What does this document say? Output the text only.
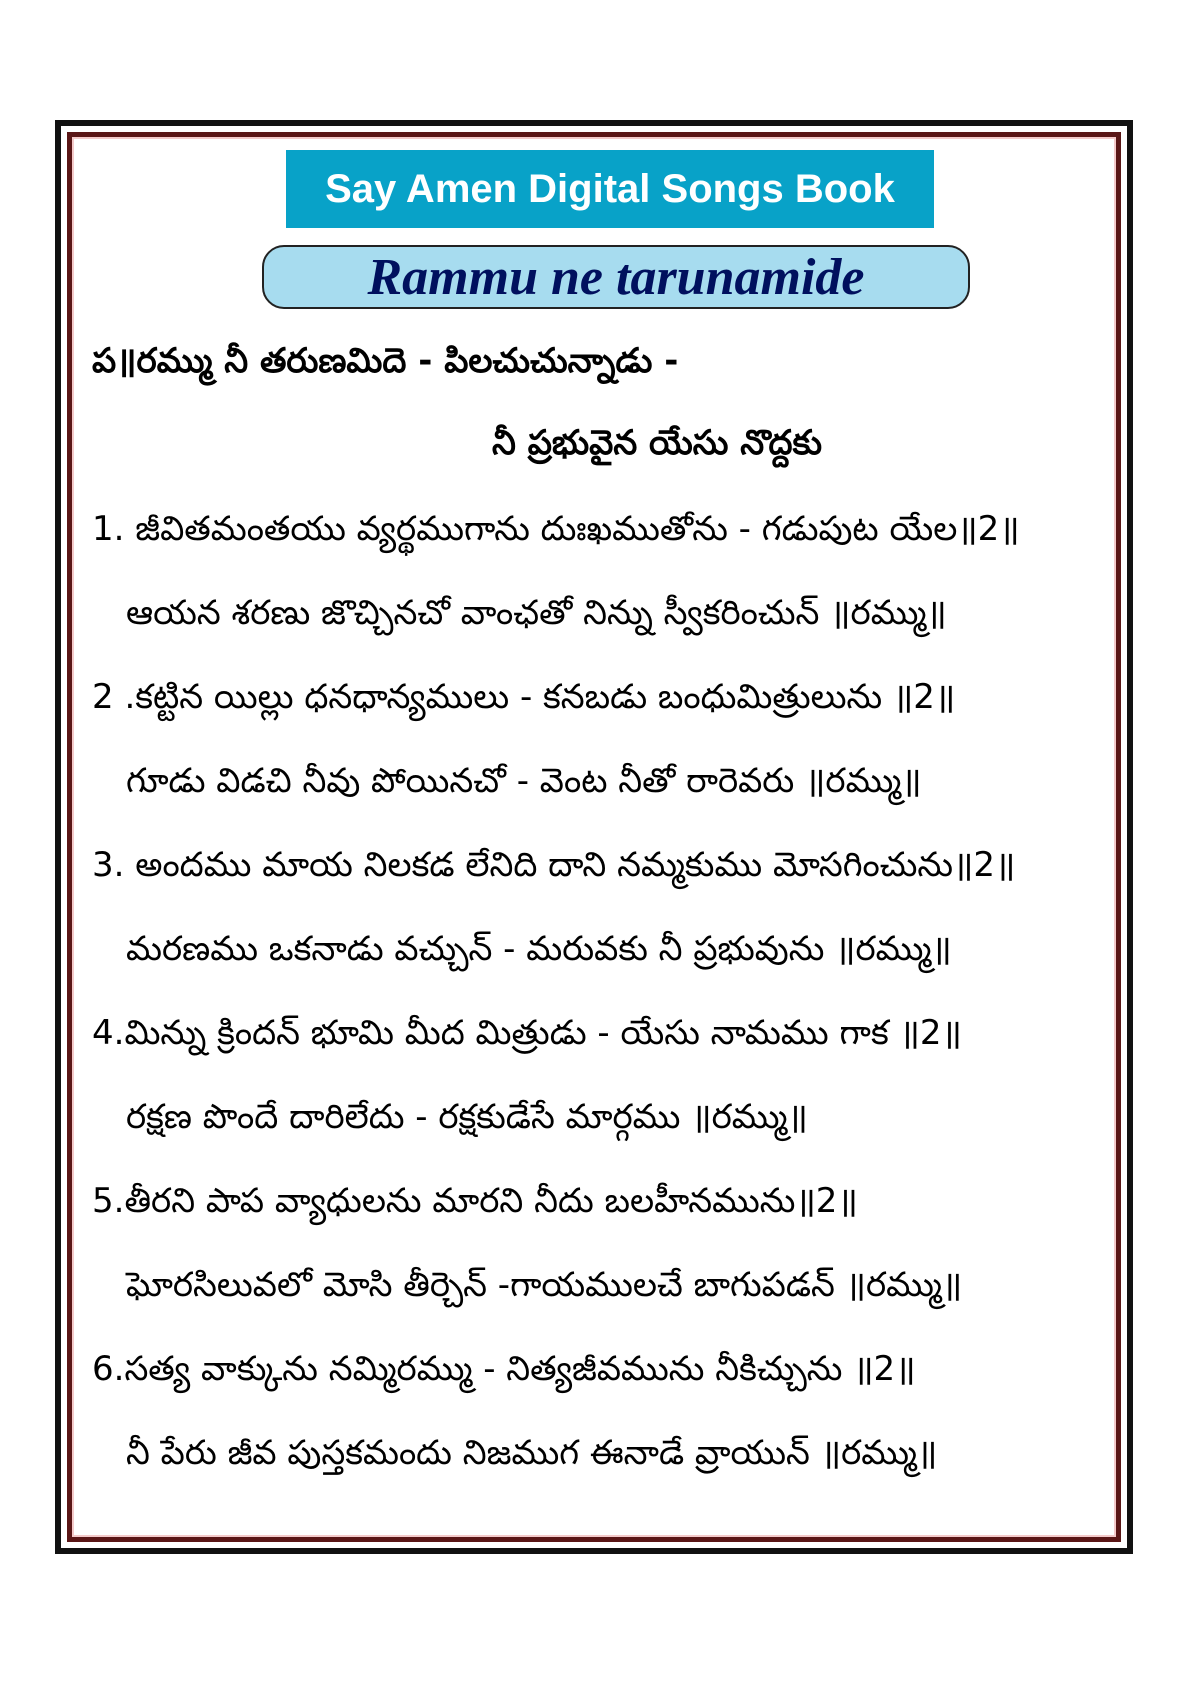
Say Amen Digital Songs Book
Rammu ne tarunamide
ప॥రమ్ము నీ తరుణమిదె - పిలచుచున్నాడు -
నీ ప్రభువైన యేసు నొద్దకు
1. జీవితమంతయు వ్యర్థముగాను దుఃఖముతోను - గడుపుట యేల॥2॥
ఆయన శరణు జొచ్చినచో వాంఛతో నిన్ను స్వీకరించున్ ॥రమ్ము॥
2 .కట్టిన యిల్లు ధనధాన్యములు - కనబడు బంధుమిత్రులును ॥2॥
గూడు విడచి నీవు పోయినచో - వెంట నీతో రారెవరు ॥రమ్ము॥
3. అందము మాయ నిలకడ లేనిది దాని నమ్మకుము మోసగించును॥2॥
మరణము ఒకనాడు వచ్చున్ - మరువకు నీ ప్రభువును ॥రమ్ము॥
4.మిన్ను క్రిందన్ భూమి మీద మిత్రుడు - యేసు నామము గాక ॥2॥
రక్షణ పొందే దారిలేదు - రక్షకుడేసే మార్గము ॥రమ్ము॥
5.తీరని పాప వ్యాధులను మారని నీదు బలహీనమును॥2॥
ఘోరసిలువలో మోసి తీర్చెన్ -గాయములచే బాగుపడన్ ॥రమ్ము॥
6.సత్య వాక్కును నమ్మిరమ్ము - నిత్యజీవమును నీకిచ్చును ॥2॥
నీ పేరు జీవ పుస్తకమందు నిజముగ ఈనాడే వ్రాయున్ ॥రమ్ము॥
